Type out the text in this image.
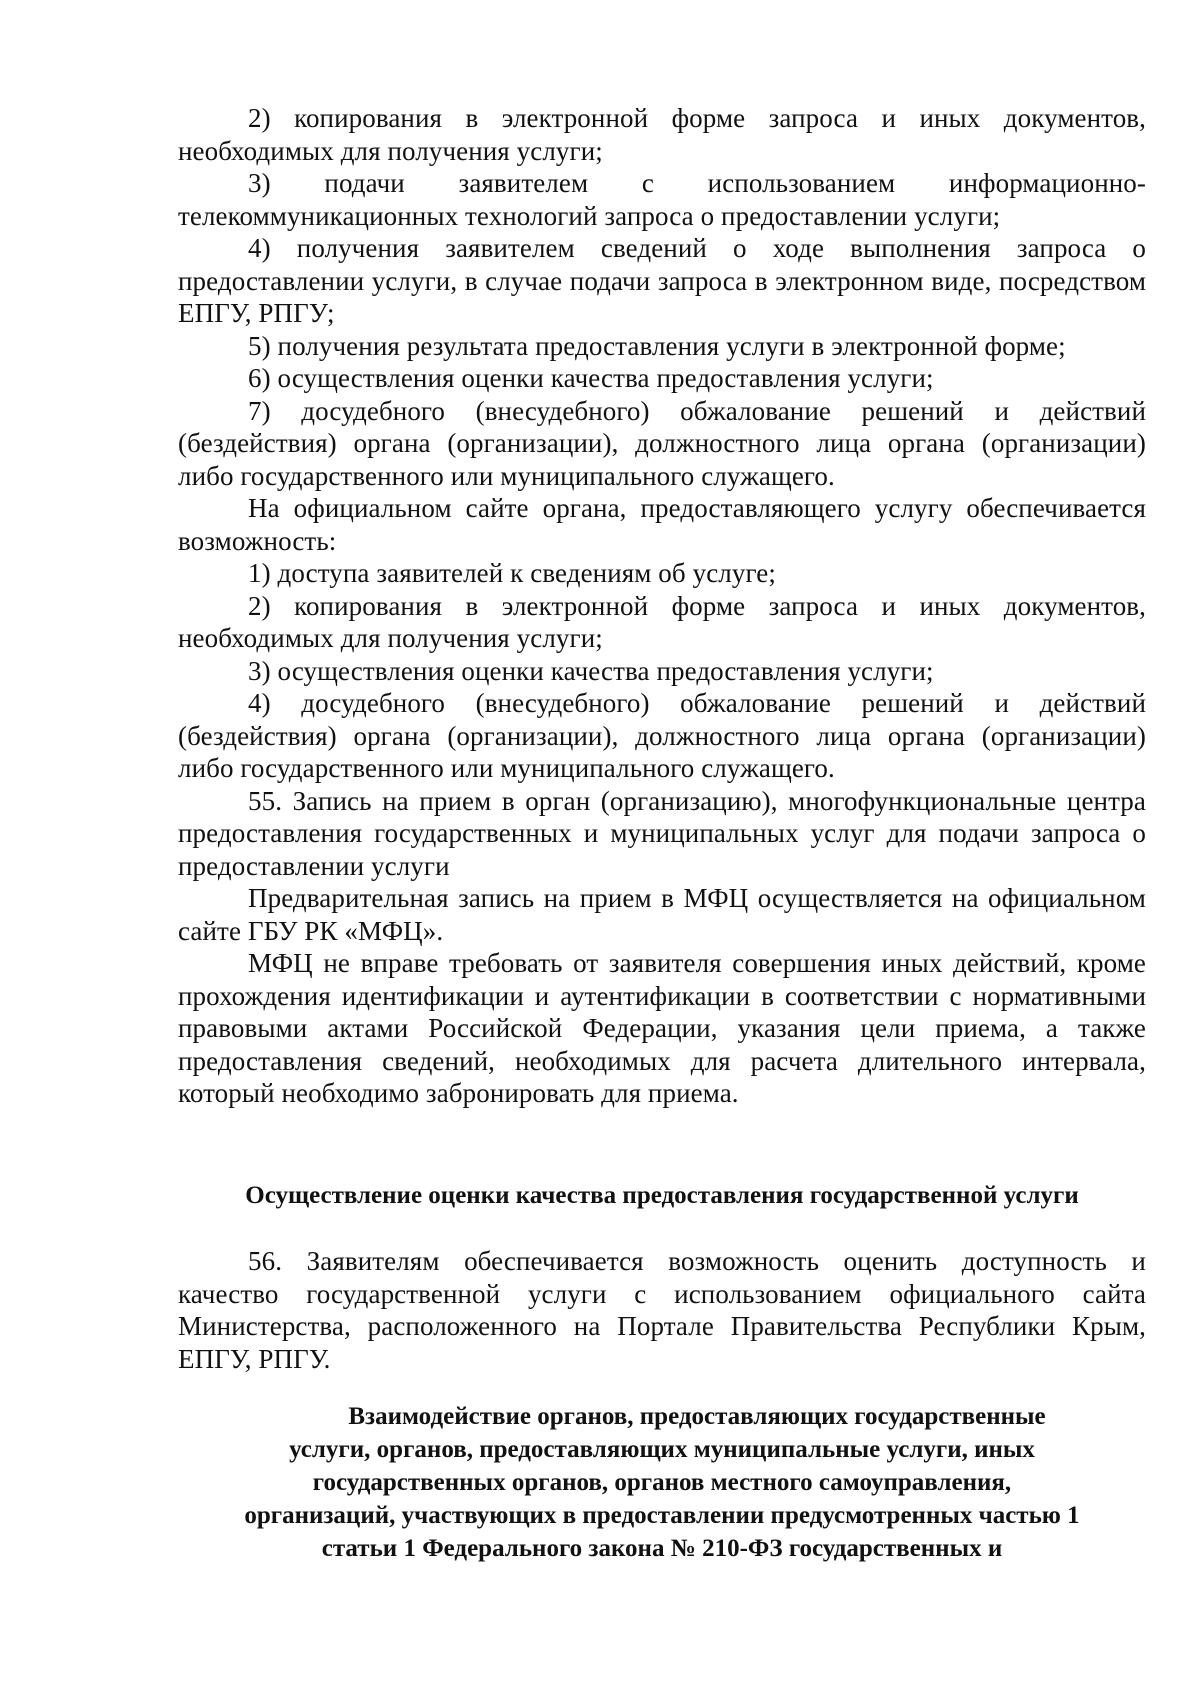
2) копирования в электронной форме запроса и иных документов, необходимых для получения услуги;

3) подачи заявителем с использованием информационно-телекоммуникационных технологий запроса о предоставлении услуги;

4) получения заявителем сведений о ходе выполнения запроса о предоставлении услуги, в случае подачи запроса в электронном виде, посредством ЕПГУ, РПГУ;

5) получения результата предоставления услуги в электронной форме;

6) осуществления оценки качества предоставления услуги;

7) досудебного (внесудебного) обжалование решений и действий (бездействия) органа (организации), должностного лица органа (организации) либо государственного или муниципального служащего.

На официальном сайте органа, предоставляющего услугу обеспечивается возможность:

1) доступа заявителей к сведениям об услуге;

2) копирования в электронной форме запроса и иных документов, необходимых для получения услуги;

3) осуществления оценки качества предоставления услуги;

4) досудебного (внесудебного) обжалование решений и действий (бездействия) органа (организации), должностного лица органа (организации) либо государственного или муниципального служащего.

55. Запись на прием в орган (организацию), многофункциональные центра предоставления государственных и муниципальных услуг для подачи запроса о предоставлении услуги

Предварительная запись на прием в МФЦ осуществляется на официальном сайте ГБУ РК «МФЦ».

МФЦ не вправе требовать от заявителя совершения иных действий, кроме прохождения идентификации и аутентификации в соответствии с нормативными правовыми актами Российской Федерации, указания цели приема, а также предоставления сведений, необходимых для расчета длительного интервала, который необходимо забронировать для приема.

Осуществление оценки качества предоставления государственной услуги

56. Заявителям обеспечивается возможность оценить доступность и качество государственной услуги с использованием официального сайта Министерства, расположенного на Портале Правительства Республики Крым, ЕПГУ, РПГУ.

Взаимодействие органов, предоставляющих государственные
услуги, органов, предоставляющих муниципальные услуги, иных
государственных органов, органов местного самоуправления,
организаций, участвующих в предоставлении предусмотренных частью 1
статьи 1 Федерального закона № 210-ФЗ государственных и
